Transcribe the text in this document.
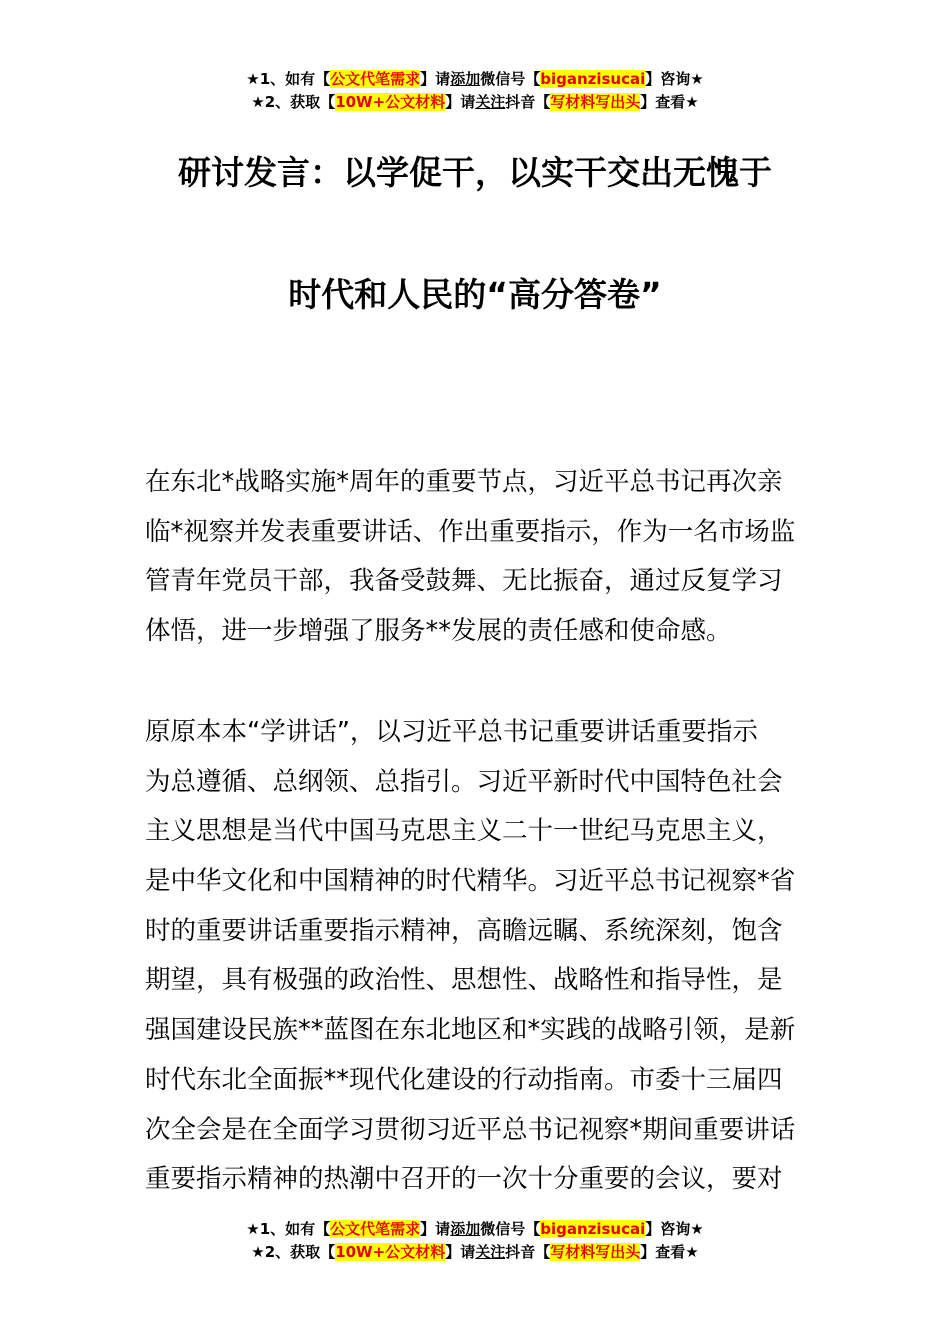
★1、如有【公文代笔需求】请添加微信号【biganzisucai】咨询★
★2、获取【10W+公文材料】请关注抖音【写材料写出头】查看★
研讨发言：以学促干，以实干交出无愧于
时代和人民的“高分答卷”
在东北*战略实施*周年的重要节点，习近平总书记再次亲
临*视察并发表重要讲话、作出重要指示，作为一名市场监
管青年党员干部，我备受鼓舞、无比振奋，通过反复学习
体悟，进一步增强了服务**发展的责任感和使命感。
原原本本“学讲话”，以习近平总书记重要讲话重要指示
为总遵循、总纲领、总指引。习近平新时代中国特色社会
主义思想是当代中国马克思主义二十一世纪马克思主义，
是中华文化和中国精神的时代精华。习近平总书记视察*省
时的重要讲话重要指示精神，高瞻远瞩、系统深刻，饱含
期望，具有极强的政治性、思想性、战略性和指导性，是
强国建设民族**蓝图在东北地区和*实践的战略引领，是新
时代东北全面振**现代化建设的行动指南。市委十三届四
次全会是在全面学习贯彻习近平总书记视察*期间重要讲话
重要指示精神的热潮中召开的一次十分重要的会议，要对
★1、如有【公文代笔需求】请添加微信号【biganzisucai】咨询★
★2、获取【10W+公文材料】请关注抖音【写材料写出头】查看★
